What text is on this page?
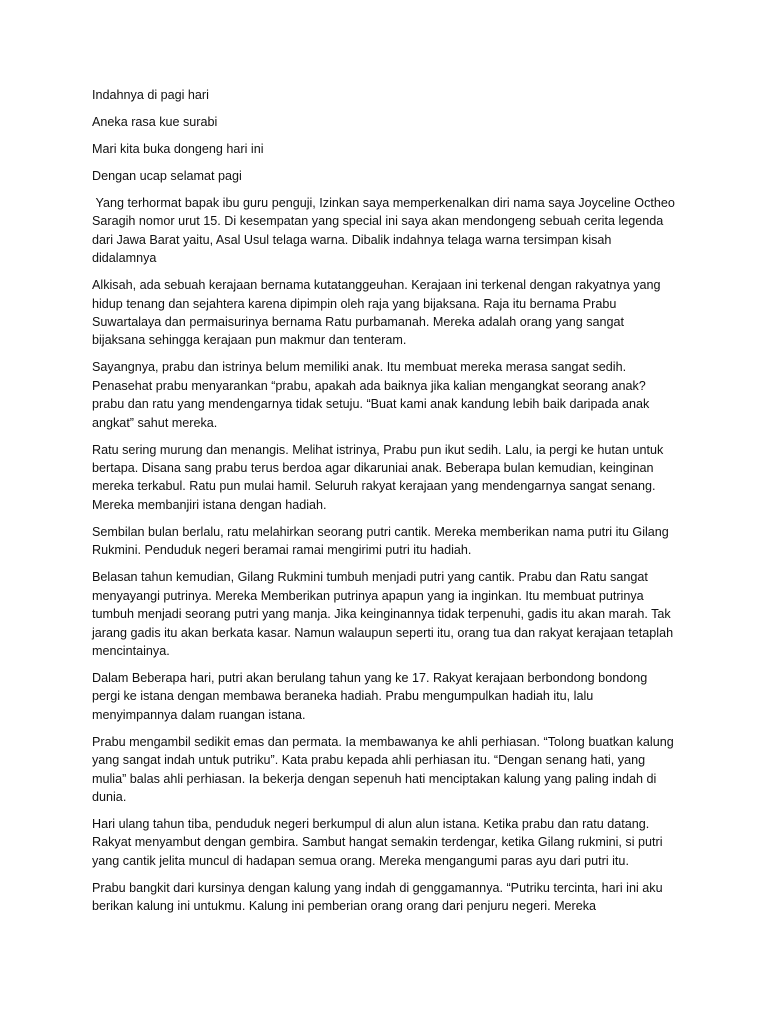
Indahnya di pagi hari

Aneka rasa kue surabi

Mari kita buka dongeng hari ini

Dengan ucap selamat pagi

Yang terhormat bapak ibu guru penguji, Izinkan saya memperkenalkan diri nama saya Joyceline Octheo Saragih nomor urut 15. Di kesempatan yang special ini saya akan mendongeng sebuah cerita legenda dari Jawa Barat yaitu, Asal Usul telaga warna. Dibalik indahnya telaga warna tersimpan kisah didalamnya

Alkisah, ada sebuah kerajaan bernama kutatanggeuhan. Kerajaan ini terkenal dengan rakyatnya yang hidup tenang dan sejahtera karena dipimpin oleh raja yang bijaksana. Raja itu bernama Prabu Suwartalaya dan permaisurinya bernama Ratu purbamanah. Mereka adalah orang yang sangat bijaksana sehingga kerajaan pun makmur dan tenteram.

Sayangnya, prabu dan istrinya belum memiliki anak. Itu membuat mereka merasa sangat sedih. Penasehat prabu menyarankan “prabu, apakah ada baiknya jika kalian mengangkat seorang anak? prabu dan ratu yang mendengarnya tidak setuju. “Buat kami anak kandung lebih baik daripada anak angkat” sahut mereka.

Ratu sering murung dan menangis. Melihat istrinya, Prabu pun ikut sedih. Lalu, ia pergi ke hutan untuk bertapa. Disana sang prabu terus berdoa agar dikaruniai anak. Beberapa bulan kemudian, keinginan mereka terkabul. Ratu pun mulai hamil. Seluruh rakyat kerajaan yang mendengarnya sangat senang. Mereka membanjiri istana dengan hadiah.

Sembilan bulan berlalu, ratu melahirkan seorang putri cantik. Mereka memberikan nama putri itu Gilang Rukmini. Penduduk negeri beramai ramai mengirimi putri itu hadiah.

Belasan tahun kemudian, Gilang Rukmini tumbuh menjadi putri yang cantik. Prabu dan Ratu sangat menyayangi putrinya. Mereka Memberikan putrinya apapun yang ia inginkan. Itu membuat putrinya tumbuh menjadi seorang putri yang manja. Jika keinginannya tidak terpenuhi, gadis itu akan marah. Tak jarang gadis itu akan berkata kasar. Namun walaupun seperti itu, orang tua dan rakyat kerajaan tetaplah mencintainya.

Dalam Beberapa hari, putri akan berulang tahun yang ke 17. Rakyat kerajaan berbondong bondong pergi ke istana dengan membawa beraneka hadiah. Prabu mengumpulkan hadiah itu, lalu menyimpannya dalam ruangan istana.

Prabu mengambil sedikit emas dan permata. Ia membawanya ke ahli perhiasan. “Tolong buatkan kalung yang sangat indah untuk putriku”. Kata prabu kepada ahli perhiasan itu. “Dengan senang hati, yang mulia” balas ahli perhiasan. Ia bekerja dengan sepenuh hati menciptakan kalung yang paling indah di dunia.

Hari ulang tahun tiba, penduduk negeri berkumpul di alun alun istana. Ketika prabu dan ratu datang. Rakyat menyambut dengan gembira. Sambut hangat semakin terdengar, ketika Gilang rukmini, si putri yang cantik jelita muncul di hadapan semua orang. Mereka mengangumi paras ayu dari putri itu.

Prabu bangkit dari kursinya dengan kalung yang indah di genggamannya. “Putriku tercinta, hari ini aku berikan kalung ini untukmu. Kalung ini pemberian orang orang dari penjuru negeri. Mereka
